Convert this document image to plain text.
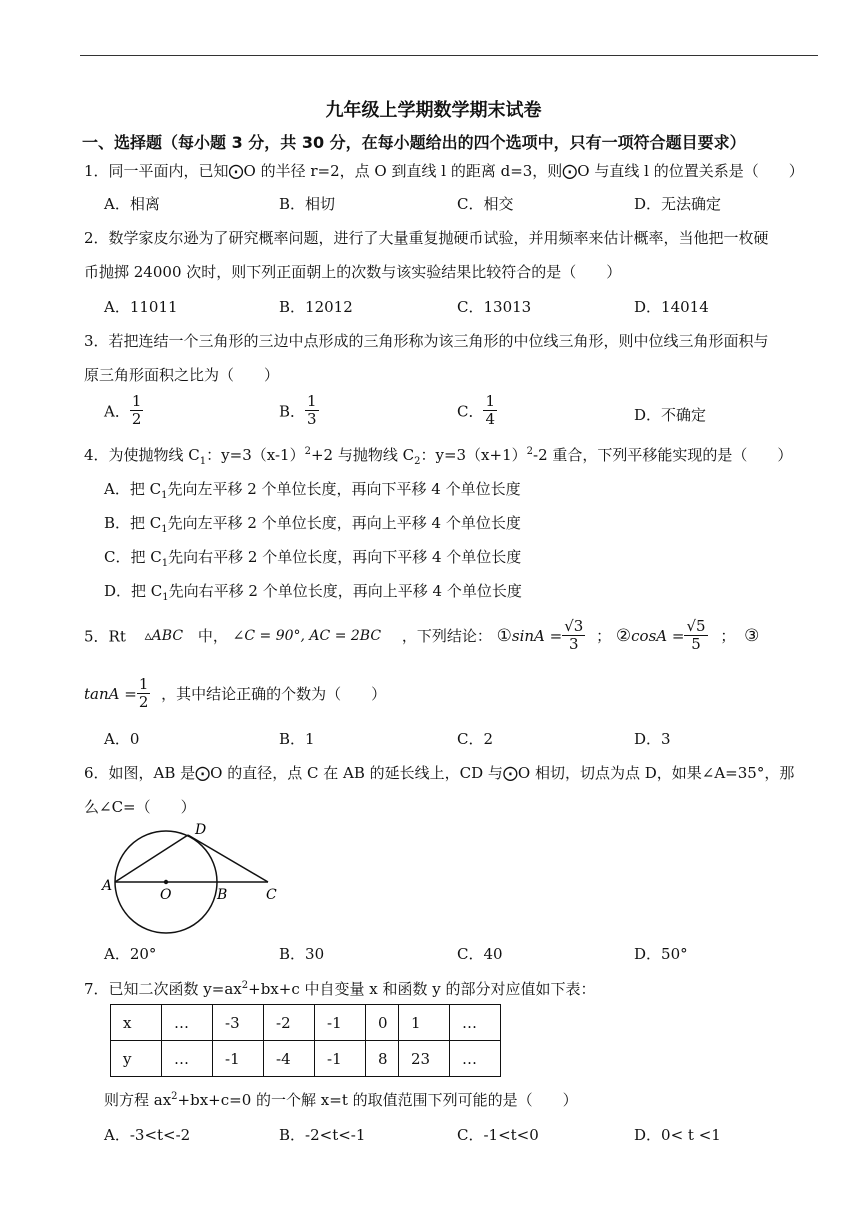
九年级上学期数学期末试卷
一、选择题（每小题 3 分，共 30 分，在每小题给出的四个选项中，只有一项符合题目要求）
1．同一平面内，已知⨀O 的半径 r=2，点 O 到直线 l 的距离 d=3，则⨀O 与直线 l 的位置关系是（　　）
A．相离	B．相切	C．相交	D．无法确定
2．数学家皮尔逊为了研究概率问题，进行了大量重复抛硬币试验，并用频率来估计概率，当他把一枚硬
币抛掷 24000 次时，则下列正面朝上的次数与该实验结果比较符合的是（　　）
A．11011	B．12012	C．13013	D．14014
3．若把连结一个三角形的三边中点形成的三角形称为该三角形的中位线三角形，则中位线三角形面积与
原三角形面积之比为（　　）
A． $\frac{1}{2}$	B． $\frac{1}{3}$	C． $\frac{1}{4}$	D．不确定
4．为使抛物线 $C_1$：$y=3(x-1)^2+2$ 与抛物线 $C_2$：$y=3(x+1)^2-2$ 重合，下列平移能实现的是（　　）
A．把 $C_1$先向左平移 2 个单位长度，再向下平移 4 个单位长度
B．把 $C_1$先向左平移 2 个单位长度，再向上平移 4 个单位长度
C．把 $C_1$先向右平移 2 个单位长度，再向下平移 4 个单位长度
D．把 $C_1$先向右平移 2 个单位长度，再向上平移 4 个单位长度
5．Rt ▵ABC 中， ∠C = 90°, AC = 2BC ，下列结论： ①sinA = $\frac{√3}{3}$ ； ②cosA = $\frac{√5}{5}$ ； ③
$\tan A = \frac{1}{2}$ ，其中结论正确的个数为（　　）
A．0	B．1	C．2	D．3
6．如图，AB 是⨀O 的直径，点 C 在 AB 的延长线上，CD 与⨀O 相切，切点为点 D，如果∠A=35°，那
么∠C=（　　）
A
O	B	C
D
A．20°	B．30	C．40	D．50°
7．已知二次函数 $y=ax^2+bx+c$ 中自变量 x 和函数 y 的部分对应值如下表：
x	…	-3	-2	-1	0	1	…
y	…	-1	-4	-1	8	23	…
则方程 $ax^2+bx+c=0$ 的一个解 x=t 的取值范围下列可能的是（　　）
A．-3<t<-2	B．-2<t<-1	C．-1<t<0	D．0< t <1
